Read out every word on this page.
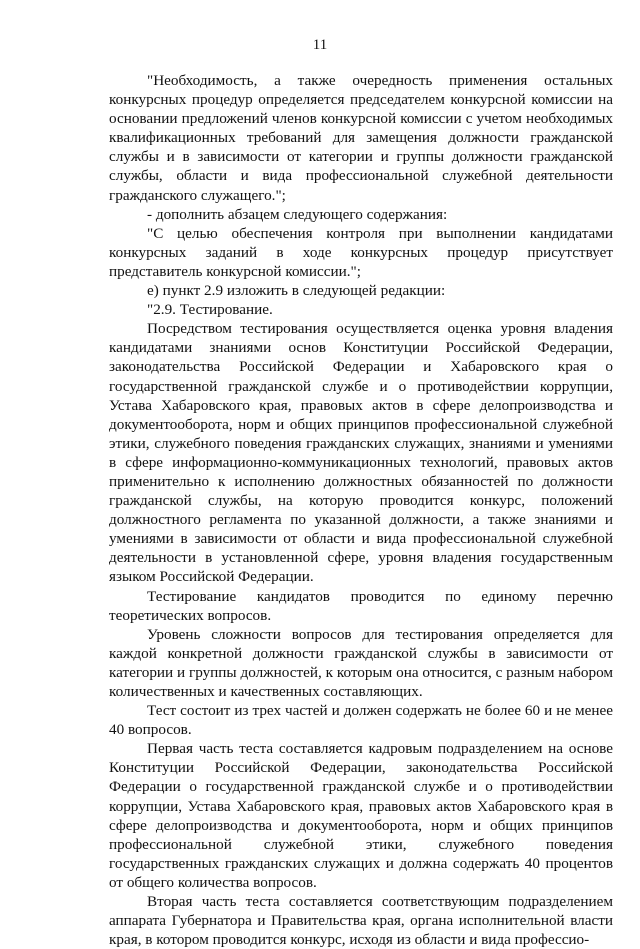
11

"Необходимость, а также очередность применения остальных конкурсных процедур определяется председателем конкурсной комиссии на основании предложений членов конкурсной комиссии с учетом необходимых квалификационных требований для замещения должности гражданской службы и в зависимости от категории и группы должности гражданской службы, области и вида профессиональной служебной деятельности гражданского служащего.";

- дополнить абзацем следующего содержания:

"С целью обеспечения контроля при выполнении кандидатами конкурсных заданий в ходе конкурсных процедур присутствует представитель конкурсной комиссии.";

е) пункт 2.9 изложить в следующей редакции:

"2.9. Тестирование.

Посредством тестирования осуществляется оценка уровня владения кандидатами знаниями основ Конституции Российской Федерации, законодательства Российской Федерации и Хабаровского края о государственной гражданской службе и о противодействии коррупции, Устава Хабаровского края, правовых актов в сфере делопроизводства и документооборота, норм и общих принципов профессиональной служебной этики, служебного поведения гражданских служащих, знаниями и умениями в сфере информационно-коммуникационных технологий, правовых актов применительно к исполнению должностных обязанностей по должности гражданской службы, на которую проводится конкурс, положений должностного регламента по указанной должности, а также знаниями и умениями в зависимости от области и вида профессиональной служебной деятельности в установленной сфере, уровня владения государственным языком Российской Федерации.

Тестирование кандидатов проводится по единому перечню теоретических вопросов.

Уровень сложности вопросов для тестирования определяется для каждой конкретной должности гражданской службы в зависимости от категории и группы должностей, к которым она относится, с разным набором количественных и качественных составляющих.

Тест состоит из трех частей и должен содержать не более 60 и не менее 40 вопросов.

Первая часть теста составляется кадровым подразделением на основе Конституции Российской Федерации, законодательства Российской Федерации о государственной гражданской службе и о противодействии коррупции, Устава Хабаровского края, правовых актов Хабаровского края в сфере делопроизводства и документооборота, норм и общих принципов профессиональной служебной этики, служебного поведения государственных гражданских служащих и должна содержать 40 процентов от общего количества вопросов.

Вторая часть теста составляется соответствующим подразделением аппарата Губернатора и Правительства края, органа исполнительной власти края, в котором проводится конкурс, исходя из области и вида профессио-
